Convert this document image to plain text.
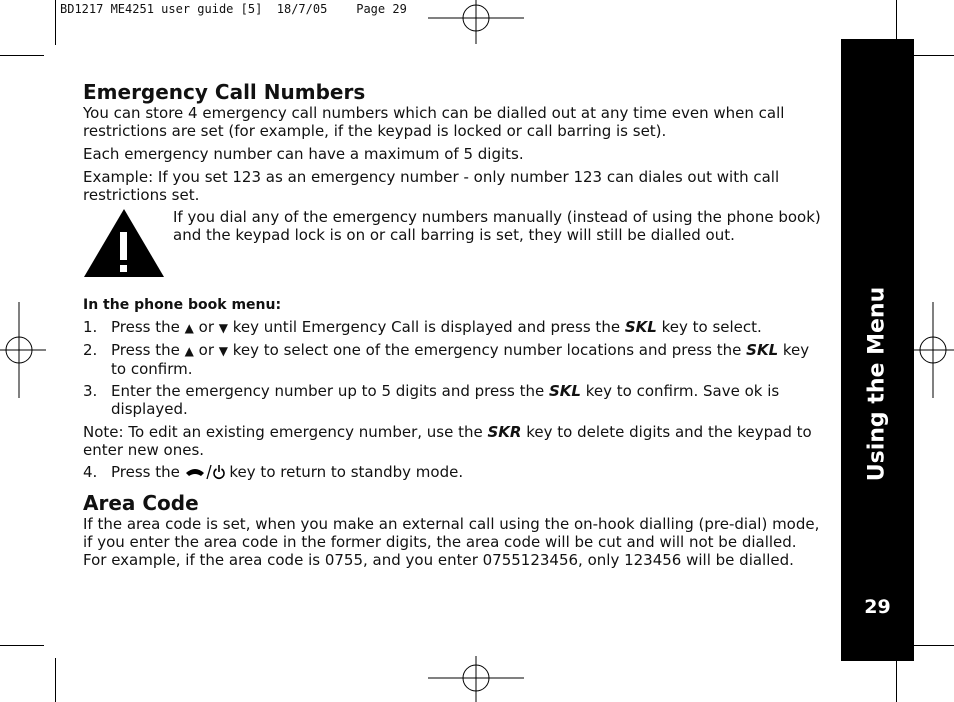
BD1217 ME4251 user guide [5]  18/7/05 Page 29
Using the Menu
29
Emergency Call Numbers

You can store 4 emergency call numbers which can be dialled out at any time even when call restrictions are set (for example, if the keypad is locked or call barring is set).

Each emergency number can have a maximum of 5 digits.

Example: If you set 123 as an emergency number - only number 123 can diales out with call restrictions set.

If you dial any of the emergency numbers manually (instead of using the phone book) and the keypad lock is on or call barring is set, they will still be dialled out.

In the phone book menu:

1. Press the ▲ or ▼ key until Emergency Call is displayed and press the SKL key to select.
2. Press the ▲ or ▼ key to select one of the emergency number locations and press the SKL key to confirm.
3. Enter the emergency number up to 5 digits and press the SKL key to confirm. Save ok is displayed.

Note: To edit an existing emergency number, use the SKR key to delete digits and the keypad to enter new ones.

4. Press the	key to return to standby mode.
Area Code

If the area code is set, when you make an external call using the on-hook dialling (pre-dial) mode, if you enter the area code in the former digits, the area code will be cut and will not be dialled. For example, if the area code is 0755, and you enter 0755123456, only 123456 will be dialled.
